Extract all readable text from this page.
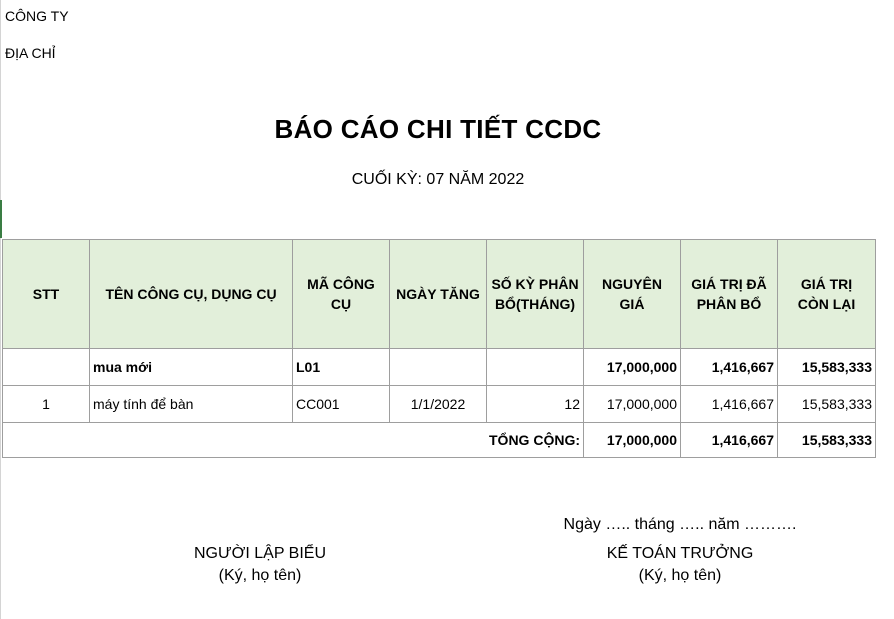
CÔNG TY
ĐỊA CHỈ
BÁO CÁO CHI TIẾT CCDC
CUỐI KỲ: 07 NĂM 2022
STT	TÊN CÔNG CỤ, DỤNG CỤ	MÃ CÔNG CỤ	NGÀY TĂNG	SỐ KỲ PHÂN BỔ(THÁNG)	NGUYÊN GIÁ	GIÁ TRỊ ĐÃ PHÂN BỔ	GIÁ TRỊ CÒN LẠI
	mua mới	L01			17,000,000	1,416,667	15,583,333
1	máy tính để bàn	CC001	1/1/2022	12	17,000,000	1,416,667	15,583,333
TỔNG CỘNG:					17,000,000	1,416,667	15,583,333
Ngày ….. tháng ….. năm ……….
NGƯỜI LẬP BIỂU
(Ký, họ tên)
KẾ TOÁN TRƯỞNG
(Ký, họ tên)
